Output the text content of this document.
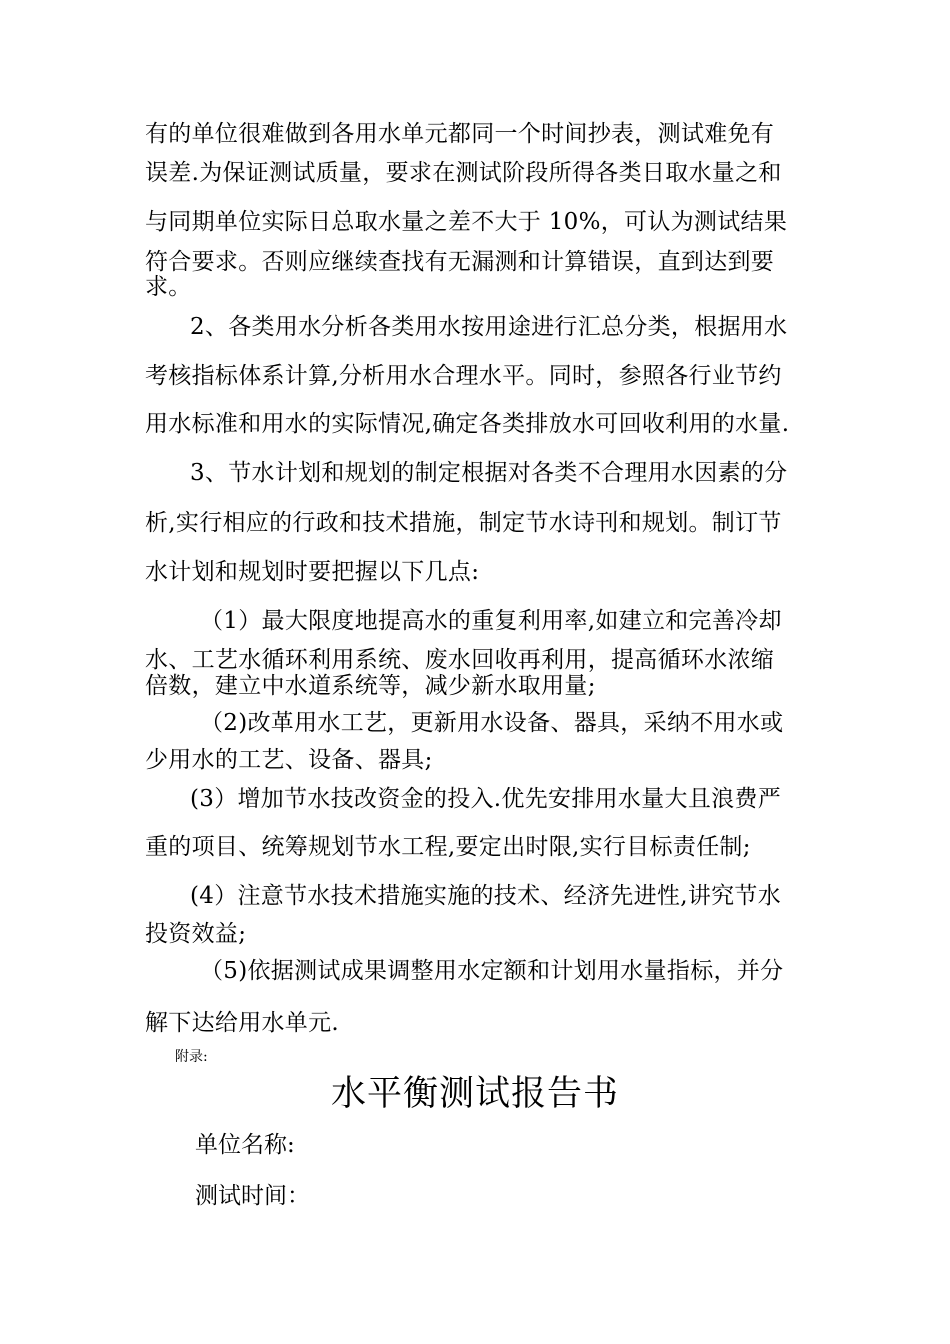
有的单位很难做到各用水单元都同一个时间抄表，测试难免有
误差.为保证测试质量，要求在测试阶段所得各类日取水量之和
与同期单位实际日总取水量之差不大于 10%，可认为测试结果
符合要求。否则应继续查找有无漏测和计算错误，直到达到要
求。
2、各类用水分析各类用水按用途进行汇总分类，根据用水
考核指标体系计算,分析用水合理水平。同时，参照各行业节约
用水标准和用水的实际情况,确定各类排放水可回收利用的水量.
3、节水计划和规划的制定根据对各类不合理用水因素的分
析,实行相应的行政和技术措施，制定节水诗刊和规划。制订节
水计划和规划时要把握以下几点:
（1）最大限度地提高水的重复利用率,如建立和完善冷却
水、工艺水循环利用系统、废水回收再利用，提高循环水浓缩
倍数，建立中水道系统等，减少新水取用量;
（2)改革用水工艺，更新用水设备、器具，采纳不用水或
少用水的工艺、设备、器具;
(3）增加节水技改资金的投入.优先安排用水量大且浪费严
重的项目、统筹规划节水工程,要定出时限,实行目标责任制;
(4）注意节水技术措施实施的技术、经济先进性,讲究节水
投资效益;
（5)依据测试成果调整用水定额和计划用水量指标，并分
解下达给用水单元.
附录:
水平衡测试报告书
单位名称:
测试时间：
